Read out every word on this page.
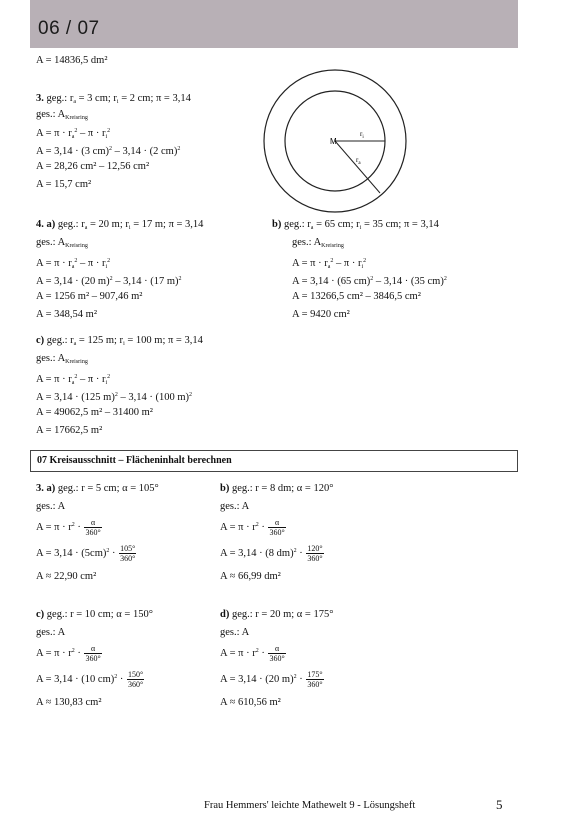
06 / 07
A = 14836,5 dm²
3. geg.: $r_a = 3$ cm; $r_i = 2$ cm; π = 3,14
ges.: $A_{Kreisring}$
$A = \pi \cdot r_a^2 - \pi \cdot r_i^2$
A = 3,14 · (3 cm)$^2$ – 3,14 · (2 cm)$^2$
A = 28,26 cm² – 12,56 cm²
A = 15,7 cm²
M
$r_i$
$r_a$
4. a) geg.: $r_a = 20$ m; $r_i = 17$ m; π = 3,14
ges.: $A_{Kreisring}$
$A = \pi \cdot r_a^2 - \pi \cdot r_i^2$
A = 3,14 · (20 m)$^2$ – 3,14 · (17 m)$^2$
A = 1256 m² – 907,46 m²
A = 348,54 m²
b) geg.: $r_a = 65$ cm; $r_i = 35$ cm; π = 3,14
ges.: $A_{Kreisring}$
$A = \pi \cdot r_a^2 - \pi \cdot r_i^2$
A = 3,14 · (65 cm)$^2$ – 3,14 · (35 cm)$^2$
A = 13266,5 cm² – 3846,5 cm²
A = 9420 cm²
c) geg.: $r_a = 125$ m; $r_i = 100$ m; π = 3,14
ges.: $A_{Kreisring}$
$A = \pi \cdot r_a^2 - \pi \cdot r_i^2$
A = 3,14 · (125 m)$^2$ – 3,14 · (100 m)$^2$
A = 49062,5 m² – 31400 m²
A = 17662,5 m²
07 Kreisausschnitt – Flächeninhalt berechnen
3. a) geg.: r = 5 cm; α = 105°
ges.: A
$A = \pi \cdot r^2 \cdot \frac{\alpha}{360^\circ}$
$A = 3,14 \cdot (5cm)^2 \cdot \frac{105^\circ}{360^\circ}$
A ≈ 22,90 cm²
b) geg.: r = 8 dm; α = 120°
ges.: A
$A = \pi \cdot r^2 \cdot \frac{\alpha}{360^\circ}$
A = 3,14 · (8 $dm)^2 \cdot \frac{120^\circ}{360^\circ}$
A ≈ 66,99 dm²
c) geg.: r = 10 cm; α = 150°
ges.: A
$A = \pi \cdot r^2 \cdot \frac{\alpha}{360^\circ}$
A = 3,14 · (10 $cm)^2 \cdot \frac{150^\circ}{360^\circ}$
A ≈ 130,83 cm²
d) geg.: r = 20 m; α = 175°
ges.: A
$A = \pi \cdot r^2 \cdot \frac{\alpha}{360^\circ}$
A = 3,14 · (20 $m)^2 \cdot \frac{175^\circ}{360^\circ}$
A ≈ 610,56 m²
Frau Hemmers' leichte Mathewelt 9 - Lösungsheft	5
